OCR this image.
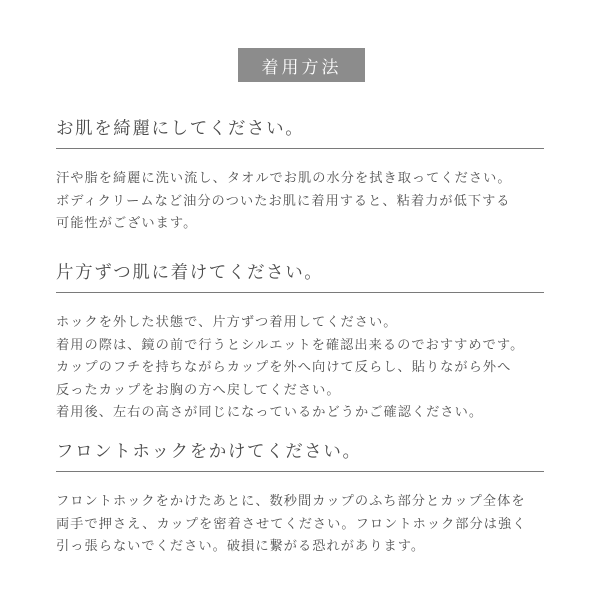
着用方法
お肌を綺麗にしてください。
汗や脂を綺麗に洗い流し、タオルでお肌の水分を拭き取ってください。
ボディクリームなど油分のついたお肌に着用すると、粘着力が低下する
可能性がございます。
片方ずつ肌に着けてください。
ホックを外した状態で、片方ずつ着用してください。
着用の際は、鏡の前で行うとシルエットを確認出来るのでおすすめです。
カップのフチを持ちながらカップを外へ向けて反らし、貼りながら外へ
反ったカップをお胸の方へ戻してください。
着用後、左右の高さが同じになっているかどうかご確認ください。
フロントホックをかけてください。
フロントホックをかけたあとに、数秒間カップのふち部分とカップ全体を
両手で押さえ、カップを密着させてください。フロントホック部分は強く
引っ張らないでください。破損に繋がる恐れがあります。
